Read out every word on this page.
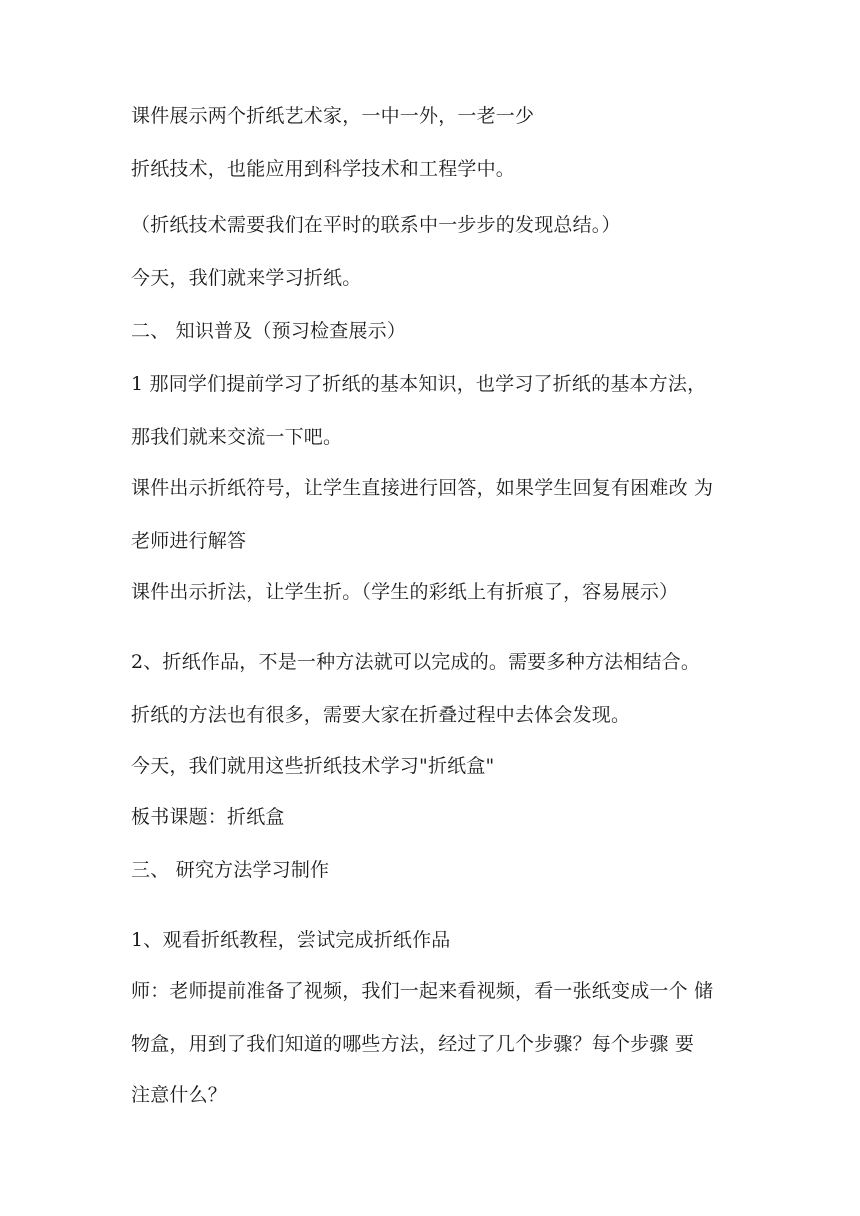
课件展示两个折纸艺术家，一中一外，一老一少
折纸技术，也能应用到科学技术和工程学中。
（折纸技术需要我们在平时的联系中一步步的发现总结。）
今天，我们就来学习折纸。
二、 知识普及（预习检查展示）
1 那同学们提前学习了折纸的基本知识，也学习了折纸的基本方法，
那我们就来交流一下吧。
课件出示折纸符号，让学生直接进行回答，如果学生回复有困难改 为
老师进行解答
课件出示折法，让学生折。（学生的彩纸上有折痕了，容易展示）
2、折纸作品，不是一种方法就可以完成的。需要多种方法相结合。
折纸的方法也有很多，需要大家在折叠过程中去体会发现。
今天，我们就用这些折纸技术学习"折纸盒"
板书课题：折纸盒
三、 研究方法学习制作
1、观看折纸教程，尝试完成折纸作品
师：老师提前准备了视频，我们一起来看视频，看一张纸变成一个 储
物盒，用到了我们知道的哪些方法，经过了几个步骤？每个步骤 要
注意什么？
